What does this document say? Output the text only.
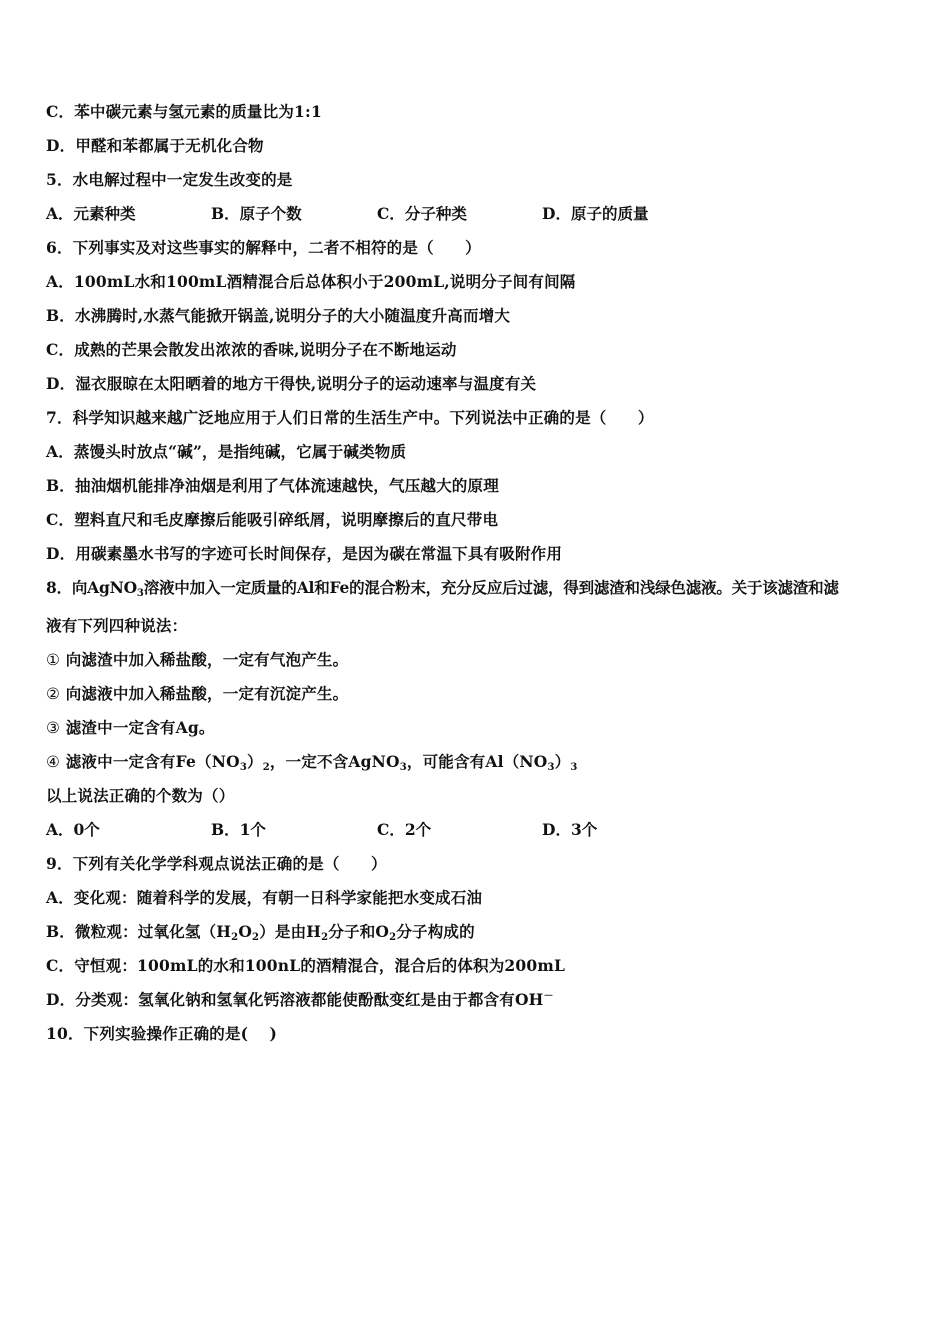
C．苯中碳元素与氢元素的质量比为1:1
D．甲醛和苯都属于无机化合物
5．水电解过程中一定发生改变的是
A．元素种类	B．原子个数	C．分子种类	D．原子的质量
6．下列事实及对这些事实的解释中，二者不相符的是（　　）
A．100mL水和100mL酒精混合后总体积小于200mL,说明分子间有间隔
B．水沸腾时,水蒸气能掀开锅盖,说明分子的大小随温度升高而增大
C．成熟的芒果会散发出浓浓的香味,说明分子在不断地运动
D．湿衣服晾在太阳晒着的地方干得快,说明分子的运动速率与温度有关
7．科学知识越来越广泛地应用于人们日常的生活生产中。下列说法中正确的是（　　）
A．蒸馒头时放点“碱”，是指纯碱，它属于碱类物质
B．抽油烟机能排净油烟是利用了气体流速越快，气压越大的原理
C．塑料直尺和毛皮摩擦后能吸引碎纸屑，说明摩擦后的直尺带电
D．用碳素墨水书写的字迹可长时间保存，是因为碳在常温下具有吸附作用
8．向AgNO$_3$溶液中加入一定质量的Al和Fe的混合粉末，充分反应后过滤，得到滤渣和浅绿色滤液。关于该滤渣和滤
液有下列四种说法：
① 向滤渣中加入稀盐酸，一定有气泡产生。
② 向滤液中加入稀盐酸，一定有沉淀产生。
③ 滤渣中一定含有Ag。
④ 滤液中一定含有$Fe(NO_3)_2$，一定不含AgNO$_3$，可能含有$Al(NO_3)_3$
以上说法正确的个数为（）
A．0个	B．1个	C．2个	D．3个
9．下列有关化学学科观点说法正确的是（　　）
A．变化观：随着科学的发展，有朝一日科学家能把水变成石油
B．微粒观：过氧化氢$(H_2O_2)$是由$H_2$分子和$O_2$分子构成的
C．守恒观：100mL的水和100nL的酒精混合，混合后的体积为200mL
D．分类观：氢氧化钠和氢氧化钙溶液都能使酚酞变红是由于都含有OH－
10．下列实验操作正确的是(　 )
